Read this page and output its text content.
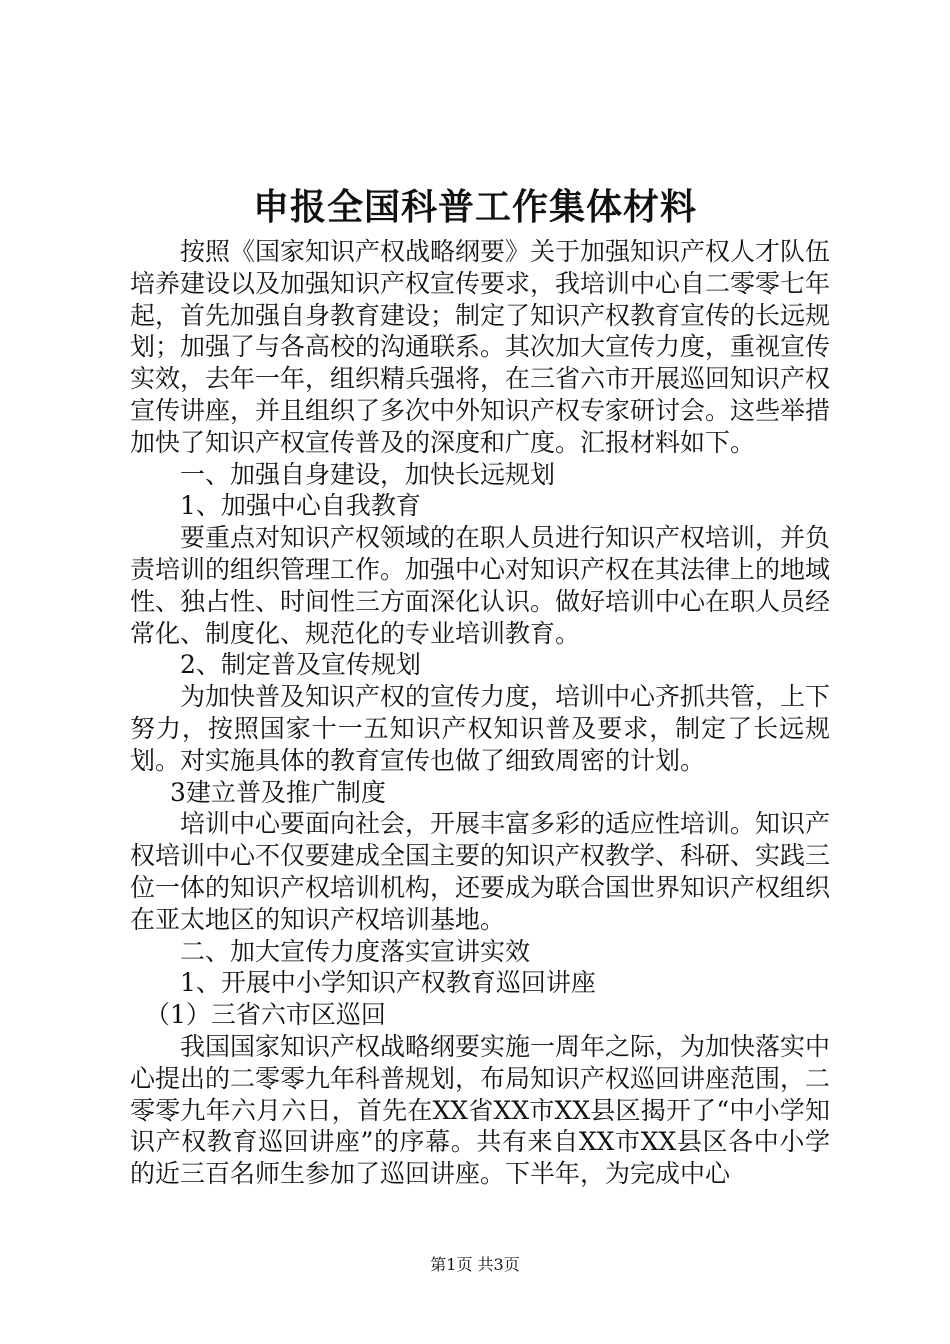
申报全国科普工作集体材料

按照《国家知识产权战略纲要》关于加强知识产权人才队伍培养建设以及加强知识产权宣传要求，我培训中心自二零零七年起，首先加强自身教育建设；制定了知识产权教育宣传的长远规划；加强了与各高校的沟通联系。其次加大宣传力度，重视宣传实效，去年一年，组织精兵强将，在三省六市开展巡回知识产权宣传讲座，并且组织了多次中外知识产权专家研讨会。这些举措加快了知识产权宣传普及的深度和广度。汇报材料如下。

一、加强自身建设，加快长远规划

1、加强中心自我教育

要重点对知识产权领域的在职人员进行知识产权培训，并负责培训的组织管理工作。加强中心对知识产权在其法律上的地域性、独占性、时间性三方面深化认识。做好培训中心在职人员经常化、制度化、规范化的专业培训教育。

2、制定普及宣传规划

为加快普及知识产权的宣传力度，培训中心齐抓共管，上下努力，按照国家十一五知识产权知识普及要求，制定了长远规划。对实施具体的教育宣传也做了细致周密的计划。

3建立普及推广制度

培训中心要面向社会，开展丰富多彩的适应性培训。知识产权培训中心不仅要建成全国主要的知识产权教学、科研、实践三位一体的知识产权培训机构，还要成为联合国世界知识产权组织在亚太地区的知识产权培训基地。

二、加大宣传力度落实宣讲实效

1、开展中小学知识产权教育巡回讲座

（1）三省六市区巡回

我国国家知识产权战略纲要实施一周年之际，为加快落实中心提出的二零零九年科普规划，布局知识产权巡回讲座范围，二零零九年六月六日，首先在XX省XX市XX县区揭开了“中小学知识产权教育巡回讲座”的序幕。共有来自XX市XX县区各中小学的近三百名师生参加了巡回讲座。下半年，为完成中心

第1页 共3页
